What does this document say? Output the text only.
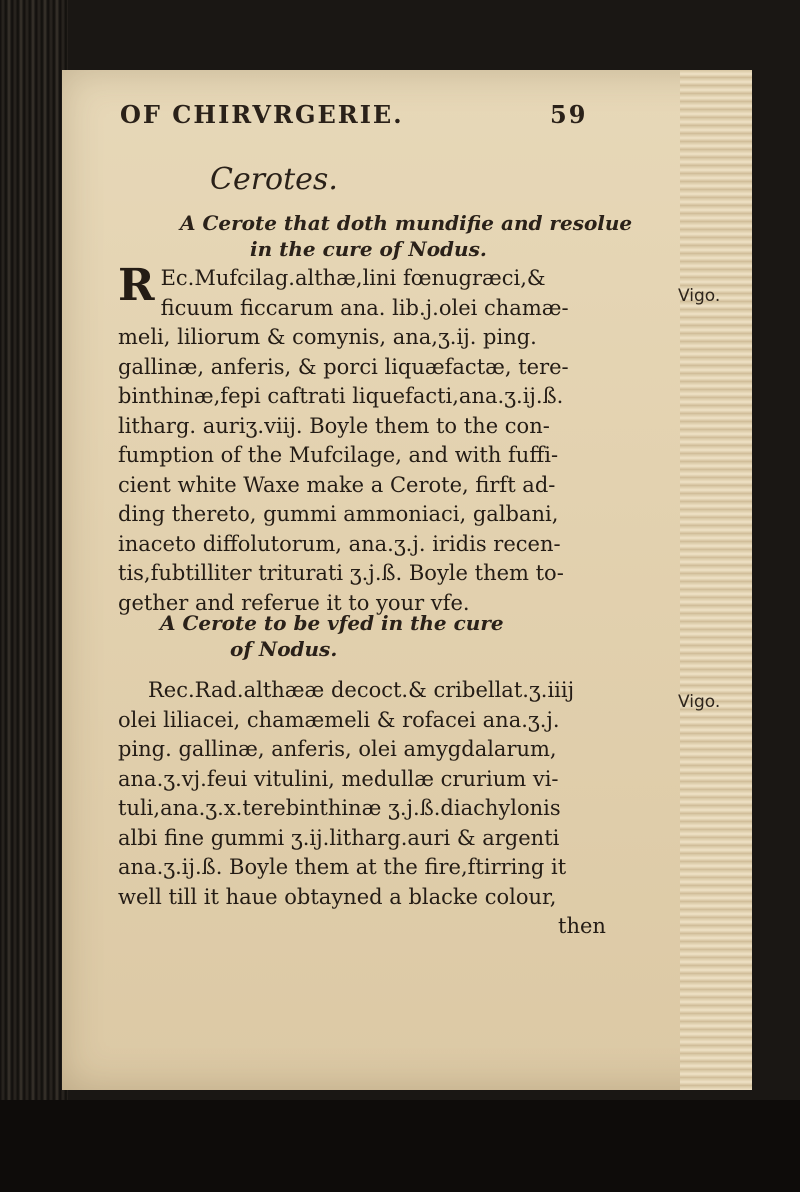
OF CHIRVRGERIE.	59
Cerotes.
A Cerote that doth mundifie and resolue
in the cure of Nodus.
R Ec.Mufcilag.althæ,lini fœnugræci,&
ficuum ficcarum ana. lib.j.olei chamæ-
meli, liliorum & comynis, ana,ʒ.ij. ping.
gallinæ, anferis, & porci liquæfactæ, tere-
binthinæ,fepi caftrati liquefacti,ana.ʒ.ij.ß.
litharg. auriʒ.viij. Boyle them to the con-
fumption of the Mufcilage, and with fuffi-
cient white Waxe make a Cerote, firft ad-
ding thereto, gummi ammoniaci, galbani,
inaceto diffolutorum, ana.ʒ.j. iridis recen-
tis,fubtilliter triturati ʒ.j.ß. Boyle them to-
gether and referue it to your vfe.
Vigo.
A Cerote to be vfed in the cure
of Nodus.
Rec.Rad.althææ decoct.& cribellat.ʒ.iiij
olei liliacei, chamæmeli & rofacei ana.ʒ.j.
ping. gallinæ, anferis, olei amygdalarum,
ana.ʒ.vj.feui vitulini, medullæ crurium vi-
tuli,ana.ʒ.x.terebinthinæ ʒ.j.ß.diachylonis
albi fine gummi ʒ.ij.litharg.auri & argenti
ana.ʒ.ij.ß. Boyle them at the fire,ftirring it
well till it haue obtayned a blacke colour,
then
Vigo.
